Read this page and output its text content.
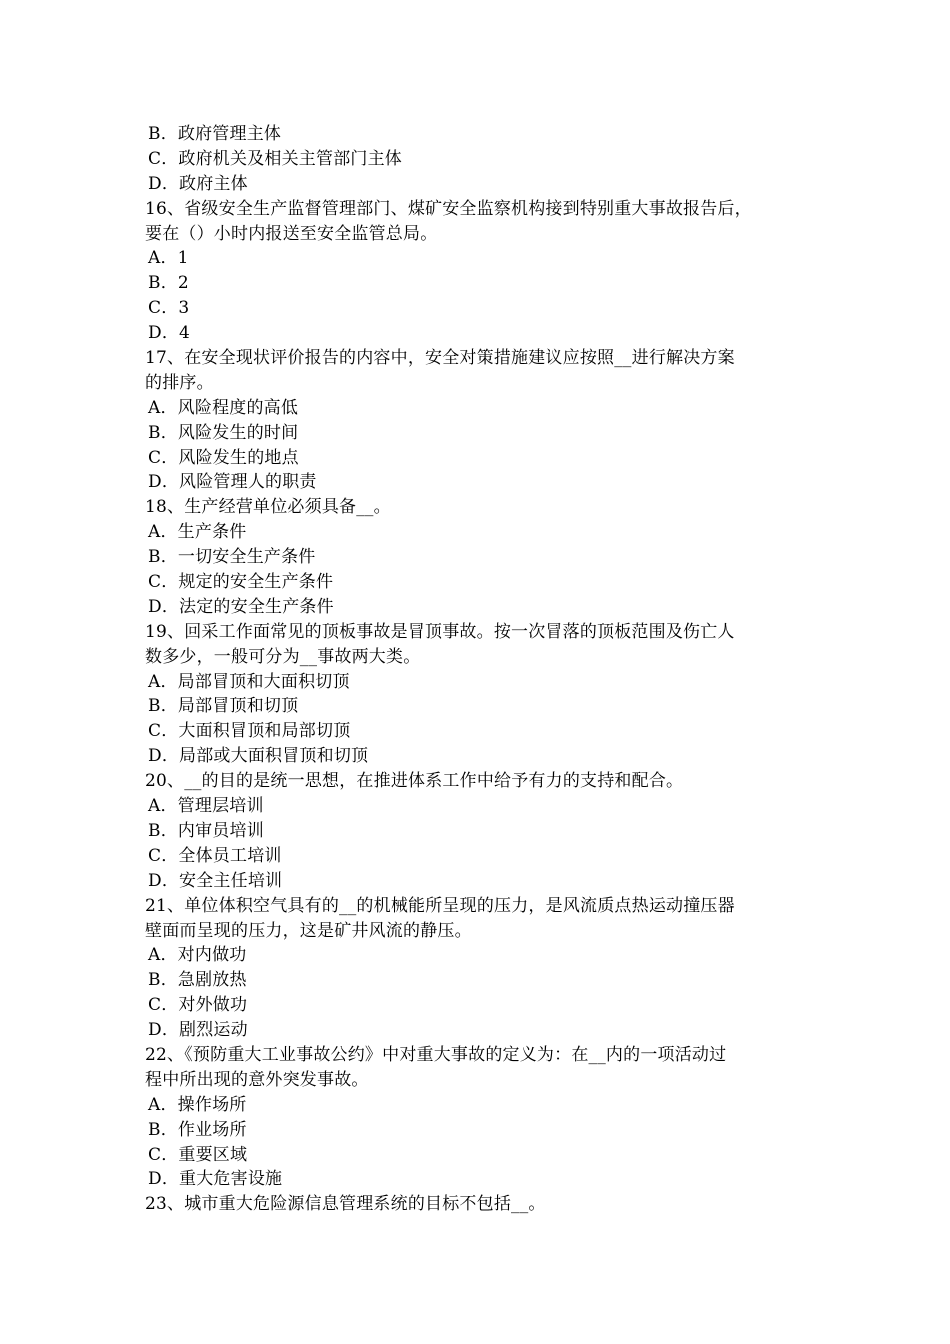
B．政府管理主体
C．政府机关及相关主管部门主体
D．政府主体
16、省级安全生产监督管理部门、煤矿安全监察机构接到特别重大事故报告后，
要在（）小时内报送至安全监管总局。
A．1
B．2
C．3
D．4
17、在安全现状评价报告的内容中，安全对策措施建议应按照__进行解决方案
的排序。
A．风险程度的高低
B．风险发生的时间
C．风险发生的地点
D．风险管理人的职责
18、生产经营单位必须具备__。
A．生产条件
B．一切安全生产条件
C．规定的安全生产条件
D．法定的安全生产条件
19、回采工作面常见的顶板事故是冒顶事故。按一次冒落的顶板范围及伤亡人
数多少，一般可分为__事故两大类。
A．局部冒顶和大面积切顶
B．局部冒顶和切顶
C．大面积冒顶和局部切顶
D．局部或大面积冒顶和切顶
20、__的目的是统一思想，在推进体系工作中给予有力的支持和配合。
A．管理层培训
B．内审员培训
C．全体员工培训
D．安全主任培训
21、单位体积空气具有的__的机械能所呈现的压力，是风流质点热运动撞压器
壁面而呈现的压力，这是矿井风流的静压。
A．对内做功
B．急剧放热
C．对外做功
D．剧烈运动
22、《预防重大工业事故公约》中对重大事故的定义为：在__内的一项活动过
程中所出现的意外突发事故。
A．操作场所
B．作业场所
C．重要区域
D．重大危害设施
23、城市重大危险源信息管理系统的目标不包括__。
